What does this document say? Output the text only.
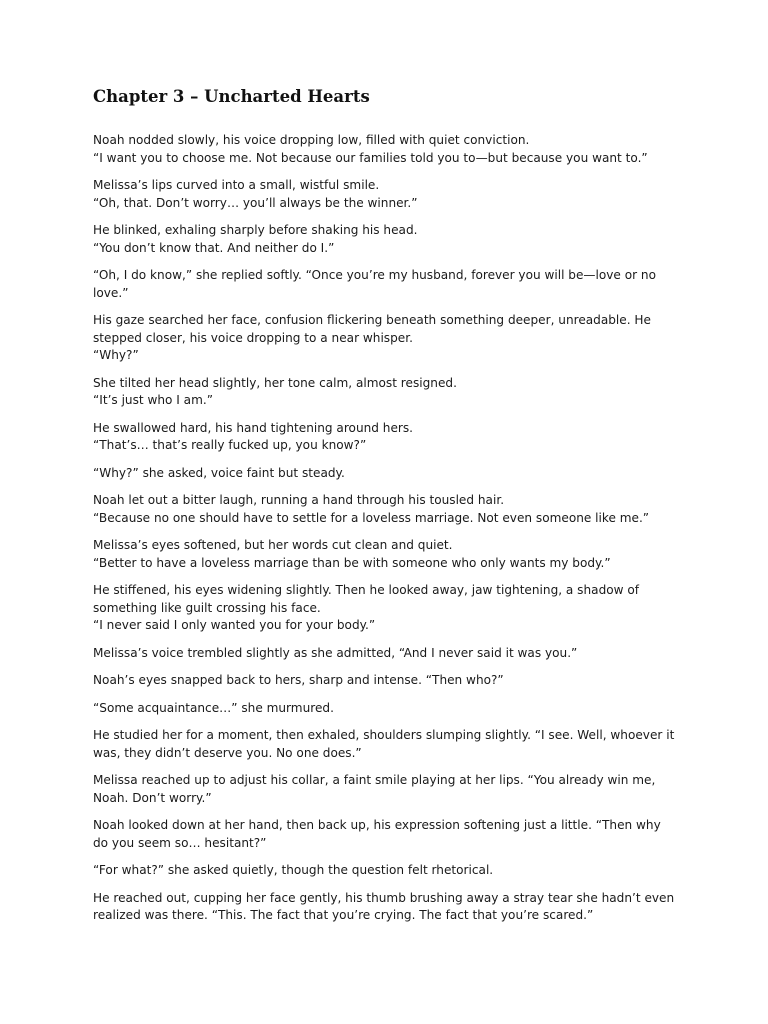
Chapter 3 – Uncharted Hearts

Noah nodded slowly, his voice dropping low, filled with quiet conviction.
“I want you to choose me. Not because our families told you to—but because you want to.”

Melissa’s lips curved into a small, wistful smile.
“Oh, that. Don’t worry… you’ll always be the winner.”

He blinked, exhaling sharply before shaking his head.
“You don’t know that. And neither do I.”

“Oh, I do know,” she replied softly. “Once you’re my husband, forever you will be—love or no love.”

His gaze searched her face, confusion flickering beneath something deeper, unreadable. He stepped closer, his voice dropping to a near whisper.
“Why?”

She tilted her head slightly, her tone calm, almost resigned.
“It’s just who I am.”

He swallowed hard, his hand tightening around hers.
“That’s… that’s really fucked up, you know?”

“Why?” she asked, voice faint but steady.

Noah let out a bitter laugh, running a hand through his tousled hair.
“Because no one should have to settle for a loveless marriage. Not even someone like me.”

Melissa’s eyes softened, but her words cut clean and quiet.
“Better to have a loveless marriage than be with someone who only wants my body.”

He stiffened, his eyes widening slightly. Then he looked away, jaw tightening, a shadow of something like guilt crossing his face.
“I never said I only wanted you for your body.”

Melissa’s voice trembled slightly as she admitted, “And I never said it was you.”

Noah’s eyes snapped back to hers, sharp and intense. “Then who?”

“Some acquaintance…” she murmured.

He studied her for a moment, then exhaled, shoulders slumping slightly. “I see. Well, whoever it was, they didn’t deserve you. No one does.”

Melissa reached up to adjust his collar, a faint smile playing at her lips. “You already win me, Noah. Don’t worry.”

Noah looked down at her hand, then back up, his expression softening just a little. “Then why do you seem so… hesitant?”

“For what?” she asked quietly, though the question felt rhetorical.

He reached out, cupping her face gently, his thumb brushing away a stray tear she hadn’t even realized was there. “This. The fact that you’re crying. The fact that you’re scared.”
